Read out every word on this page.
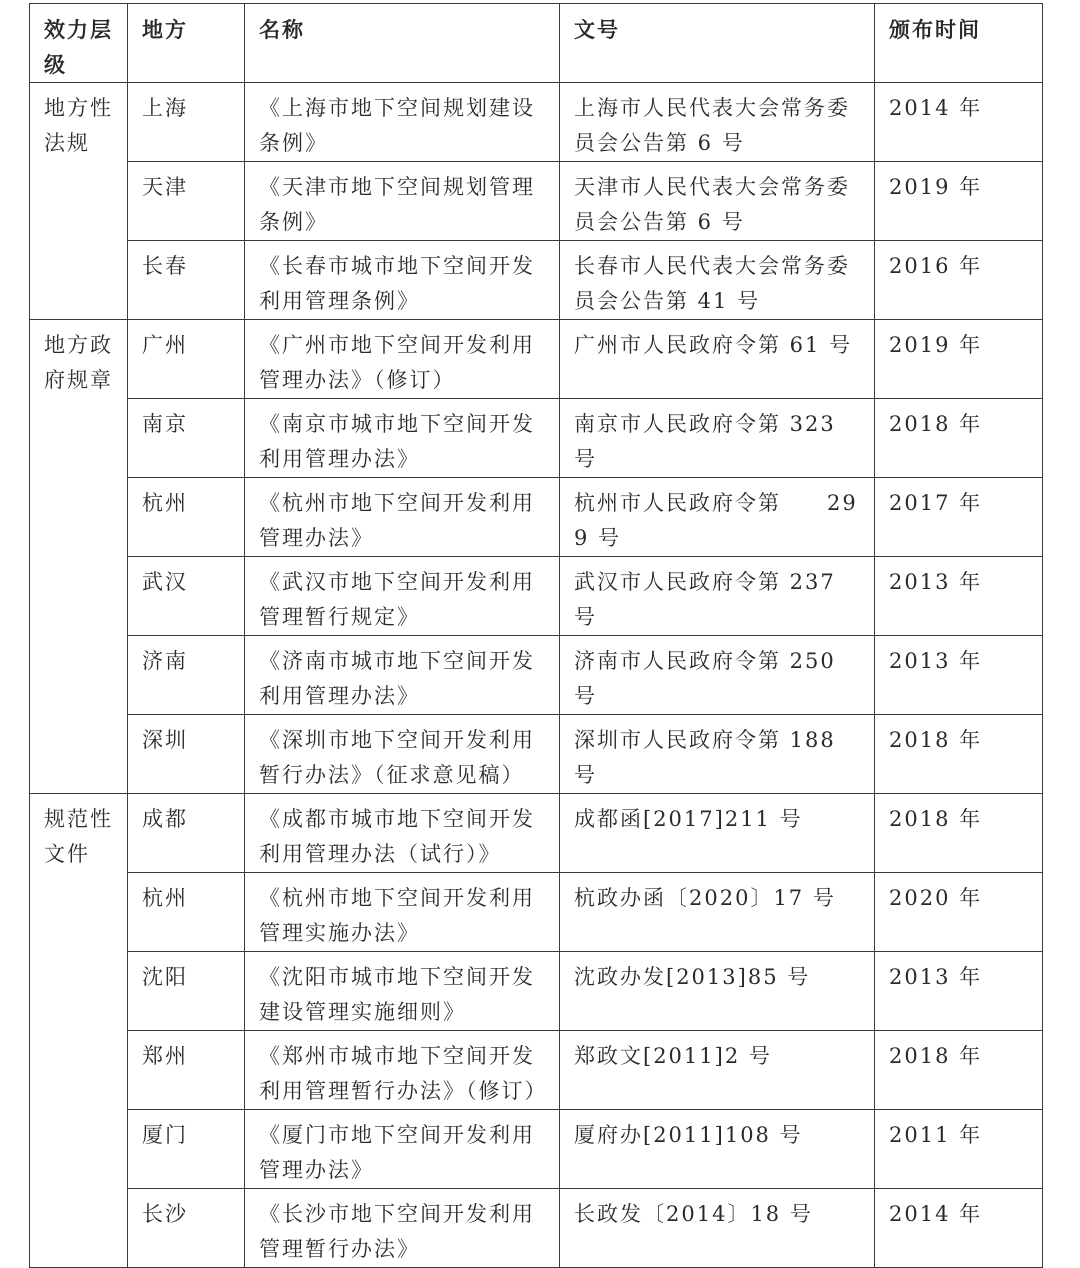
效力层级	地方	名称	文号	颁布时间
地方性法规	上海	《上海市地下空间规划建设条例》	上海市人民代表大会常务委员会公告第 6 号	2014 年
	天津	《天津市地下空间规划管理条例》	天津市人民代表大会常务委员会公告第 6 号	2019 年
	长春	《长春市城市地下空间开发利用管理条例》	长春市人民代表大会常务委员会公告第 41 号	2016 年
地方政府规章	广州	《广州市地下空间开发利用管理办法》（修订）	广州市人民政府令第 61 号	2019 年
	南京	《南京市城市地下空间开发利用管理办法》	南京市人民政府令第 323 号	2018 年
	杭州	《杭州市地下空间开发利用管理办法》	杭州市人民政府令第　　299 号	2017 年
	武汉	《武汉市地下空间开发利用管理暂行规定》	武汉市人民政府令第 237 号	2013 年
	济南	《济南市城市地下空间开发利用管理办法》	济南市人民政府令第 250 号	2013 年
	深圳	《深圳市地下空间开发利用暂行办法》（征求意见稿）	深圳市人民政府令第 188 号	2018 年
规范性文件	成都	《成都市城市地下空间开发利用管理办法（试行）》	成都函[2017]211 号	2018 年
	杭州	《杭州市地下空间开发利用管理实施办法》	杭政办函〔2020〕17 号	2020 年
	沈阳	《沈阳市城市地下空间开发建设管理实施细则》	沈政办发[2013]85 号	2013 年
	郑州	《郑州市城市地下空间开发利用管理暂行办法》（修订）	郑政文[2011]2 号	2018 年
	厦门	《厦门市地下空间开发利用管理办法》	厦府办[2011]108 号	2011 年
	长沙	《长沙市地下空间开发利用管理暂行办法》	长政发〔2014〕18 号	2014 年
